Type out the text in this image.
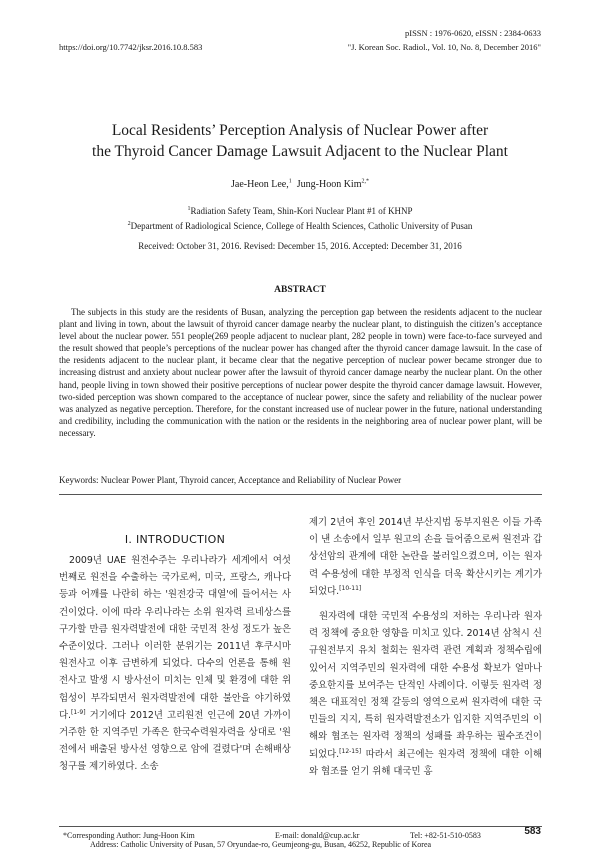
pISSN : 1976-0620, eISSN : 2384-0633
https://doi.org/10.7742/jksr.2016.10.8.583	"J. Korean Soc. Radiol., Vol. 10, No. 8, December 2016"
Local Residents’ Perception Analysis of Nuclear Power after
the Thyroid Cancer Damage Lawsuit Adjacent to the Nuclear Plant
Jae-Heon Lee,$^1$ Jung-Hoon Kim$^{2,*}$
$^1$Radiation Safety Team, Shin-Kori Nuclear Plant #1 of KHNP
$^2$Department of Radiological Science, College of Health Sciences, Catholic University of Pusan
Received: October 31, 2016. Revised: December 15, 2016. Accepted: December 31, 2016
ABSTRACT
The subjects in this study are the residents of Busan, analyzing the perception gap between the residents adjacent to the nuclear plant and living in town, about the lawsuit of thyroid cancer damage nearby the nuclear plant, to distinguish the citizen’s acceptance level about the nuclear power. 551 people(269 people adjacent to nuclear plant, 282 people in town) were face-to-face surveyed and the result showed that people’s perceptions of the nuclear power has changed after the thyroid cancer damage lawsuit. In the case of the residents adjacent to the nuclear plant, it became clear that the negative perception of nuclear power became stronger due to increasing distrust and anxiety about nuclear power after the lawsuit of thyroid cancer damage nearby the nuclear plant. On the other hand, people living in town showed their positive perceptions of nuclear power despite the thyroid cancer damage lawsuit. However, two-sided perception was shown compared to the acceptance of nuclear power, since the safety and reliability of the nuclear power was analyzed as negative perception. Therefore, for the constant increased use of nuclear power in the future, national understanding and credibility, including the communication with the nation or the residents in the neighboring area of nuclear power plant, will be necessary.
Keywords: Nuclear Power Plant, Thyroid cancer, Acceptance and Reliability of Nuclear Power
Ⅰ. INTRODUCTION

2009년 UAE 원전수주는 우리나라가 세계에서 여섯 번째로 원전을 수출하는 국가로써, 미국, 프랑스, 캐나다 등과 어깨를 나란히 하는 '원전강국 대열'에 들어서는 사건이었다. 이에 따라 우리나라는 소위 원자력 르네상스를 구가할 만큼 원자력발전에 대한 국민적 찬성 정도가 높은 수준이었다. 그러나 이러한 분위기는 2011년 후쿠시마 원전사고 이후 급변하게 되었다. 다수의 언론을 통해 원전사고 발생 시 방사선이 미치는 인체 및 환경에 대한 위험성이 부각되면서 원자력발전에 대한 불안을 야기하였다.[1-9] 거기에다 2012년 고리원전 인근에 20년 가까이 거주한 한 지역주민 가족은 한국수력원자력을 상대로 '원전에서 배출된 방사선 영향으로 암에 걸렸다'며 손해배상청구를 제기하였다. 소송

제기 2년여 후인 2014년 부산지법 동부지원은 이들 가족이 낸 소송에서 일부 원고의 손을 들어줌으로써 원전과 갑상선암의 관계에 대한 논란을 불러일으켰으며, 이는 원자력 수용성에 대한 부정적 인식을 더욱 확산시키는 계기가 되었다.[10-11]

원자력에 대한 국민적 수용성의 저하는 우리나라 원자력 정책에 중요한 영향을 미치고 있다. 2014년 삼척시 신규원전부지 유치 철회는 원자력 관련 계획과 정책수립에 있어서 지역주민의 원자력에 대한 수용성 확보가 얼마나 중요한지를 보여주는 단적인 사례이다. 이렇듯 원자력 정책은 대표적인 정책 갈등의 영역으로써 원자력에 대한 국민들의 지지, 특히 원자력발전소가 입지한 지역주민의 이해와 협조는 원자력 정책의 성패를 좌우하는 필수조건이 되었다.[12-15] 따라서 최근에는 원자력 정책에 대한 이해와 협조를 얻기 위해 대국민 홍

*Corresponding Author: Jung-Hoon Kim	E-mail: donald@cup.ac.kr	Tel: +82-51-510-0583
Address: Catholic University of Pusan, 57 Oryundae-ro, Geumjeong-gu, Busan, 46252, Republic of Korea
583
